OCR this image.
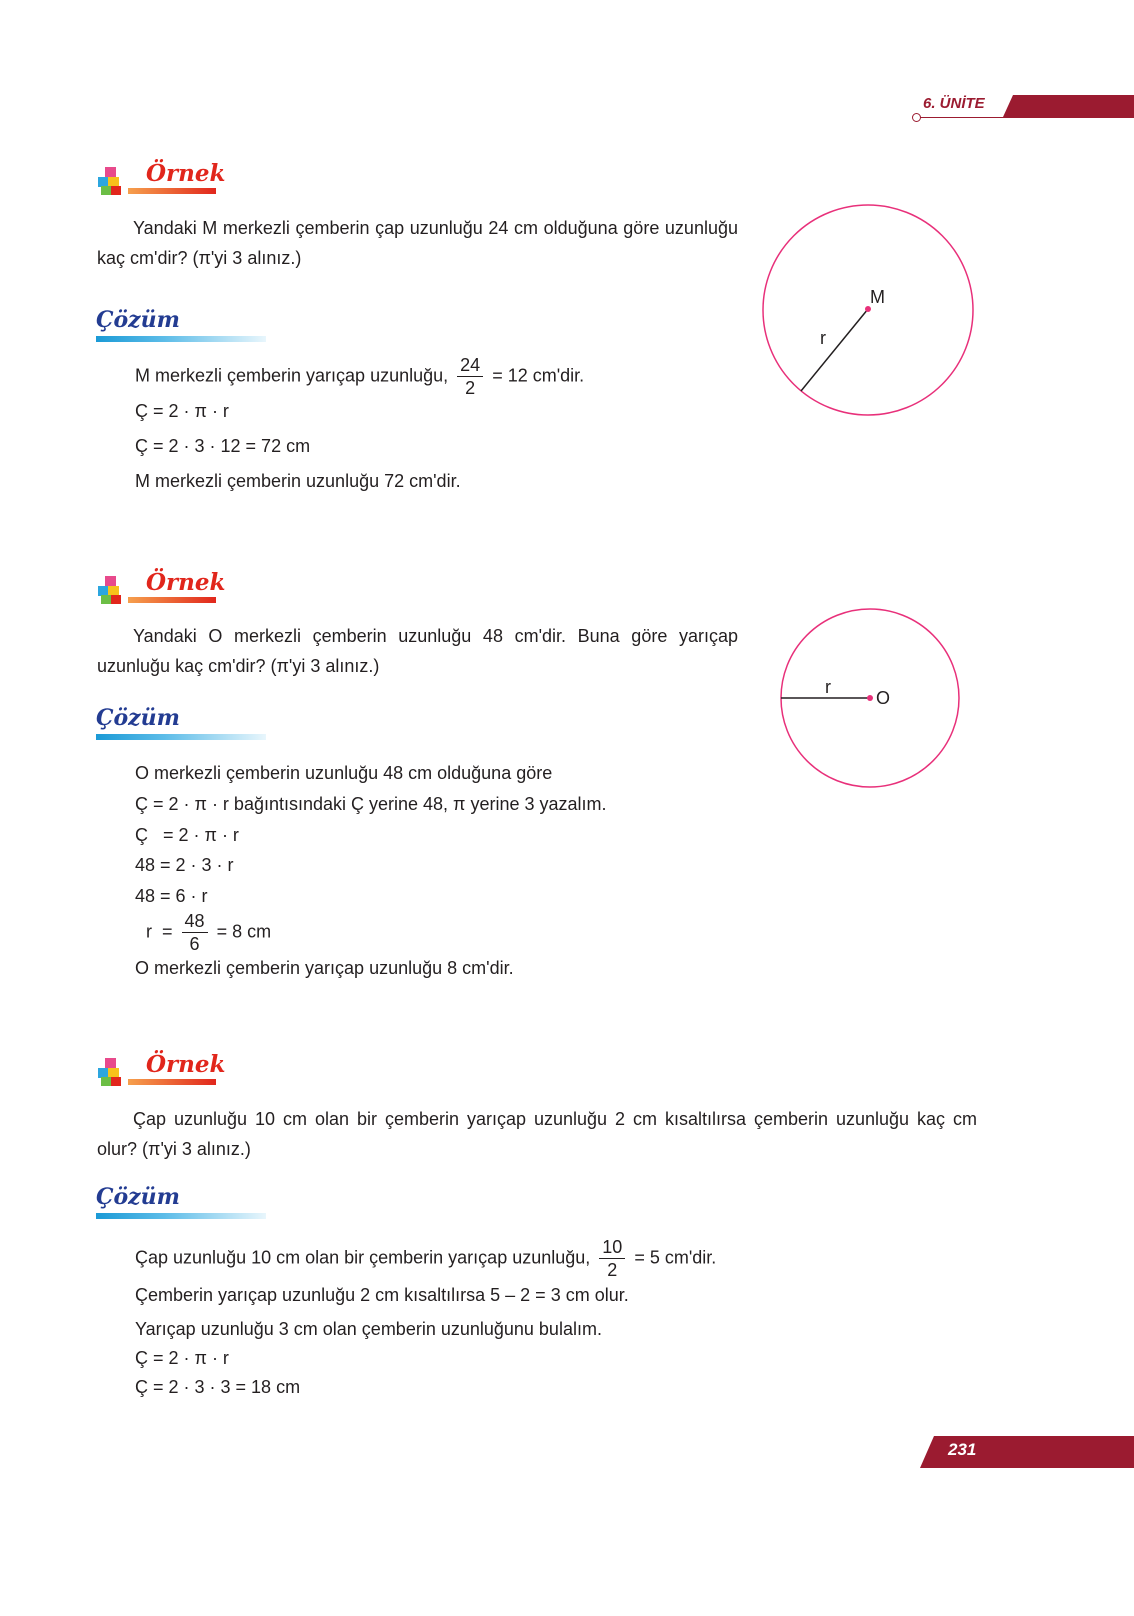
6. ÜNİTE
Örnek
Yandaki M merkezli çemberin çap uzunluğu 24 cm olduğuna göre uzunluğu kaç cm'dir? (π'yi 3 alınız.)
Çözüm
M merkezli çemberin yarıçap uzunluğu, $\frac{24}{2} = 12$ cm'dir.
Ç = 2 · π · r
Ç = 2 · 3 · 12 = 72 cm
M merkezli çemberin uzunluğu 72 cm'dir.
M
r
Örnek
Yandaki O merkezli çemberin uzunluğu 48 cm'dir. Buna göre yarıçap uzunluğu kaç cm'dir? (π'yi 3 alınız.)
Çözüm
O merkezli çemberin uzunluğu 48 cm olduğuna göre
Ç = 2 · π · r bağıntısındaki Ç yerine 48, π yerine 3 yazalım.
Ç   = 2 · π · r
48 = 2 · 3 · r
48 = 6 · r
$r = \frac{48}{6} = 8$ cm
O merkezli çemberin yarıçap uzunluğu 8 cm'dir.
O
r
Örnek
Çap uzunluğu 10 cm olan bir çemberin yarıçap uzunluğu 2 cm kısaltılırsa çemberin uzunluğu kaç cm olur? (π'yi 3 alınız.)
Çözüm
Çap uzunluğu 10 cm olan bir çemberin yarıçap uzunluğu, $\frac{10}{2} = 5$ cm'dir.
Çemberin yarıçap uzunluğu 2 cm kısaltılırsa 5 – 2 = 3 cm olur.
Yarıçap uzunluğu 3 cm olan çemberin uzunluğunu bulalım.
Ç = 2 · π · r
Ç = 2 · 3 · 3 = 18 cm
231
